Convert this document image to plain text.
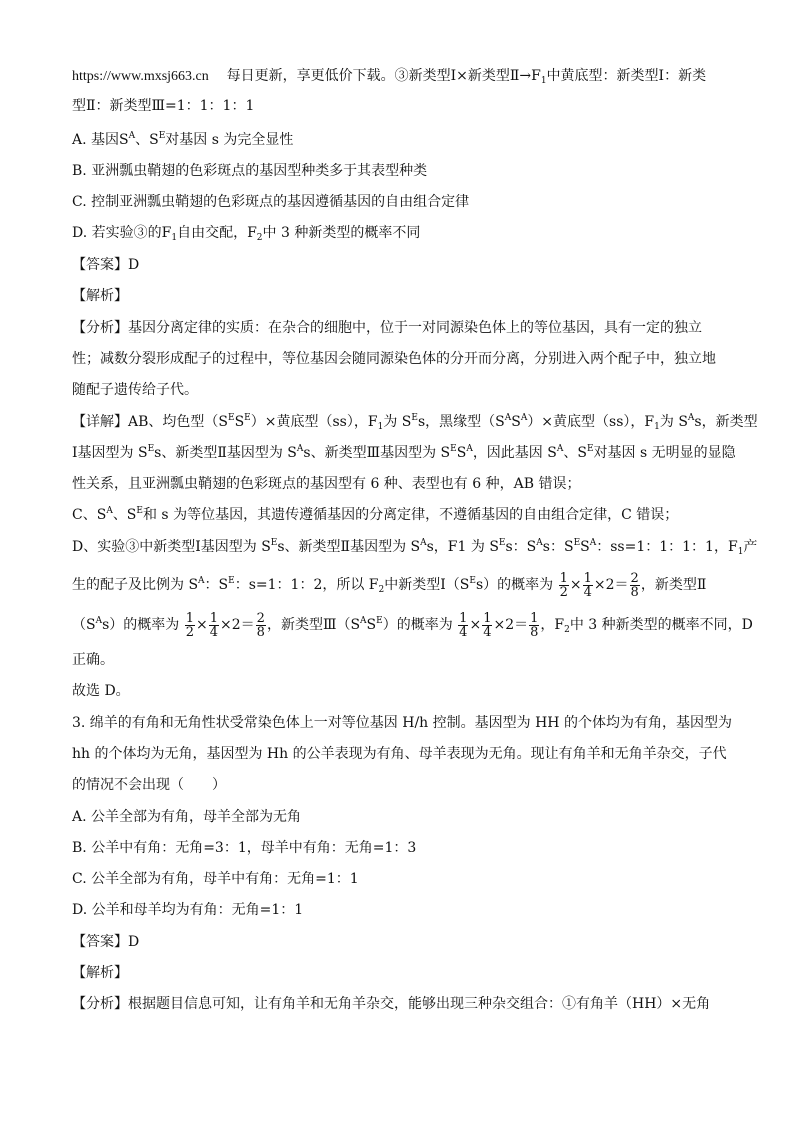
https://www.mxsj663.cn 每日更新，享更低价下载。③新类型Ⅰ×新类型$Ⅱ\to F_1$中黄底型：新类型Ⅰ：新类
型Ⅱ：新类型Ⅲ=1：1：1：1
A. 基因$S^A$、$S^E$对基因 s 为完全显性
B. 亚洲瓢虫鞘翅的色彩斑点的基因型种类多于其表型种类
C. 控制亚洲瓢虫鞘翅的色彩斑点的基因遵循基因的自由组合定律
D. 若实验③的$F_1$自由交配，$F_2$中 3 种新类型的概率不同
【答案】D
【解析】
【分析】基因分离定律的实质：在杂合的细胞中，位于一对同源染色体上的等位基因，具有一定的独立
性；减数分裂形成配子的过程中，等位基因会随同源染色体的分开而分离，分别进入两个配子中，独立地
随配子遗传给子代。
【详解】AB、均色型$(S^ES^E)\times$黄底型（ss），$F_1$为 $S^Es$，黑缘型$(S^AS^A)\times$黄底型（ss），$F_1$为 $S^As$，新类型
Ⅰ基因型为 $S^Es$、新类型Ⅱ基因型为 $S^As$、新类型Ⅲ基因型为 $S^ES^A$，因此基因 $S^A$、$S^E$对基因 s 无明显的显隐
性关系，且亚洲瓢虫鞘翅的色彩斑点的基因型有 6 种、表型也有 6 种，AB 错误；
C、$S^A$、$S^E$和 s 为等位基因，其遗传遵循基因的分离定律，不遵循基因的自由组合定律，C 错误；
D、实验③中新类型Ⅰ基因型为 $S^Es$、新类型Ⅱ基因型为 $S^As$，F1 为 $S^Es$：$S^As$：$S^ES^A$：ss=1：1：1：1，$F_1$产
生的配子及比例为 $S^A$：$S^E$：s=1：1：2，所以 $F_2$中新类型$Ⅰ(S^Es)$的概率为 $\frac{1}{2} \times \frac{1}{4} \times 2= \frac{2}{8}$ ，新类型Ⅱ
$(S^As)$的概率为 $\frac{1}{2} \times \frac{1}{4} \times 2= \frac{2}{8}$ ，新类型$Ⅲ(S^AS^E)$的概率为 $\frac{1}{4} \times \frac{1}{4} \times 2= \frac{1}{8}$ ，$F_2$中 3 种新类型的概率不同，D
正确。
故选 D。
3. 绵羊的有角和无角性状受常染色体上一对等位基因 H/h 控制。基因型为 HH 的个体均为有角，基因型为
hh 的个体均为无角，基因型为 Hh 的公羊表现为有角、母羊表现为无角。现让有角羊和无角羊杂交，子代
的情况不会出现（　　）
A. 公羊全部为有角，母羊全部为无角
B. 公羊中有角：无角=3：1，母羊中有角：无角=1：3
C. 公羊全部为有角，母羊中有角：无角=1：1
D. 公羊和母羊均为有角：无角=1：1
【答案】D
【解析】
【分析】根据题目信息可知，让有角羊和无角羊杂交，能够出现三种杂交组合：①有角羊（HH）×无角
